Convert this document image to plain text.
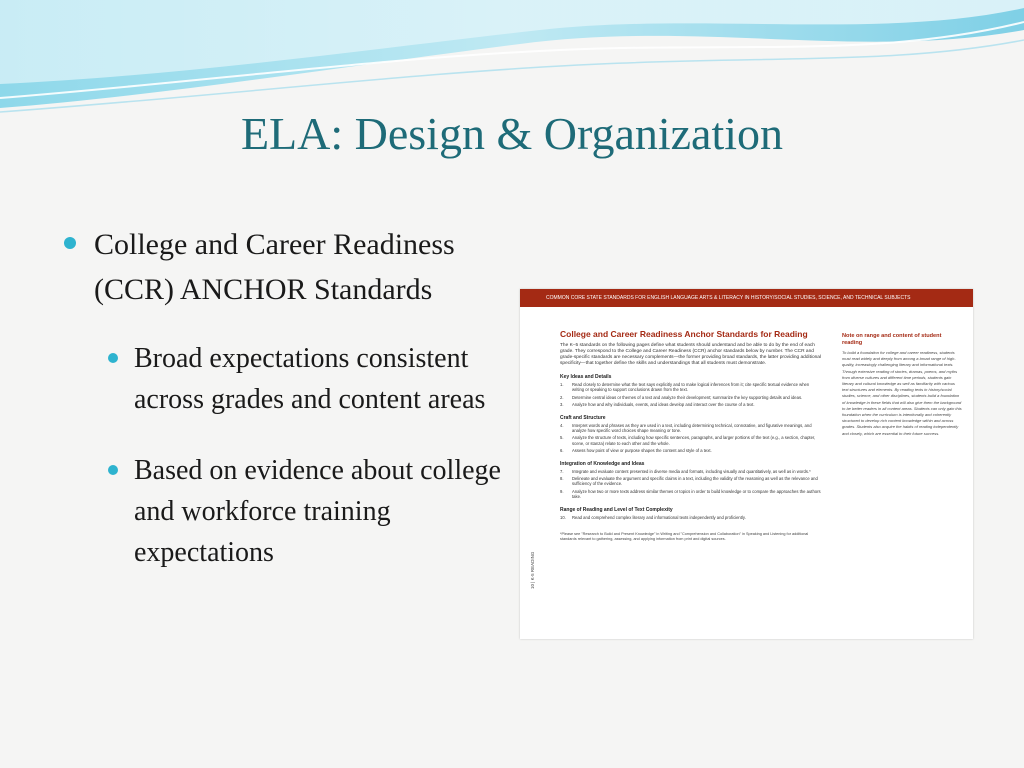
ELA: Design & Organization
College and Career Readiness (CCR) ANCHOR Standards
Broad expectations consistent across grades and content areas
Based on evidence about college and workforce training expectations
COMMON CORE STATE STANDARDS FOR ENGLISH LANGUAGE ARTS & LITERACY IN HISTORY/SOCIAL STUDIES, SCIENCE, AND TECHNICAL SUBJECTS
College and Career Readiness Anchor Standards for Reading
The K–5 standards on the following pages define what students should understand and be able to do by the end of each grade. They correspond to the College and Career Readiness (CCR) anchor standards below by number. The CCR and grade-specific standards are necessary complements—the former providing broad standards, the latter providing additional specificity—that together define the skills and understandings that all students must demonstrate.
Key Ideas and Details
1. Read closely to determine what the text says explicitly and to make logical inferences from it; cite specific textual evidence when writing or speaking to support conclusions drawn from the text.
2. Determine central ideas or themes of a text and analyze their development; summarize the key supporting details and ideas.
3. Analyze how and why individuals, events, and ideas develop and interact over the course of a text.
Craft and Structure
4. Interpret words and phrases as they are used in a text, including determining technical, connotative, and figurative meanings, and analyze how specific word choices shape meaning or tone.
5. Analyze the structure of texts, including how specific sentences, paragraphs, and larger portions of the text (e.g., a section, chapter, scene, or stanza) relate to each other and the whole.
6. Assess how point of view or purpose shapes the content and style of a text.
Integration of Knowledge and Ideas
7. Integrate and evaluate content presented in diverse media and formats, including visually and quantitatively, as well as in words.*
8. Delineate and evaluate the argument and specific claims in a text, including the validity of the reasoning as well as the relevance and sufficiency of the evidence.
9. Analyze how two or more texts address similar themes or topics in order to build knowledge or to compare the approaches the authors take.
Range of Reading and Level of Text Complexity
10. Read and comprehend complex literary and informational texts independently and proficiently.
*Please see "Research to Build and Present Knowledge" in Writing and "Comprehension and Collaboration" in Speaking and Listening for additional standards relevant to gathering, assessing, and applying information from print and digital sources.
Note on range and content of student reading
To build a foundation for college and career readiness, students must read widely and deeply from among a broad range of high-quality, increasingly challenging literary and informational texts. Through extensive reading of stories, dramas, poems, and myths from diverse cultures and different time periods, students gain literary and cultural knowledge as well as familiarity with various text structures and elements. By reading texts in history/social studies, science, and other disciplines, students build a foundation of knowledge in these fields that will also give them the background to be better readers in all content areas. Students can only gain this foundation when the curriculum is intentionally and coherently structured to develop rich content knowledge within and across grades. Students also acquire the habits of reading independently and closely, which are essential to their future success.
10 | K-5 READING
